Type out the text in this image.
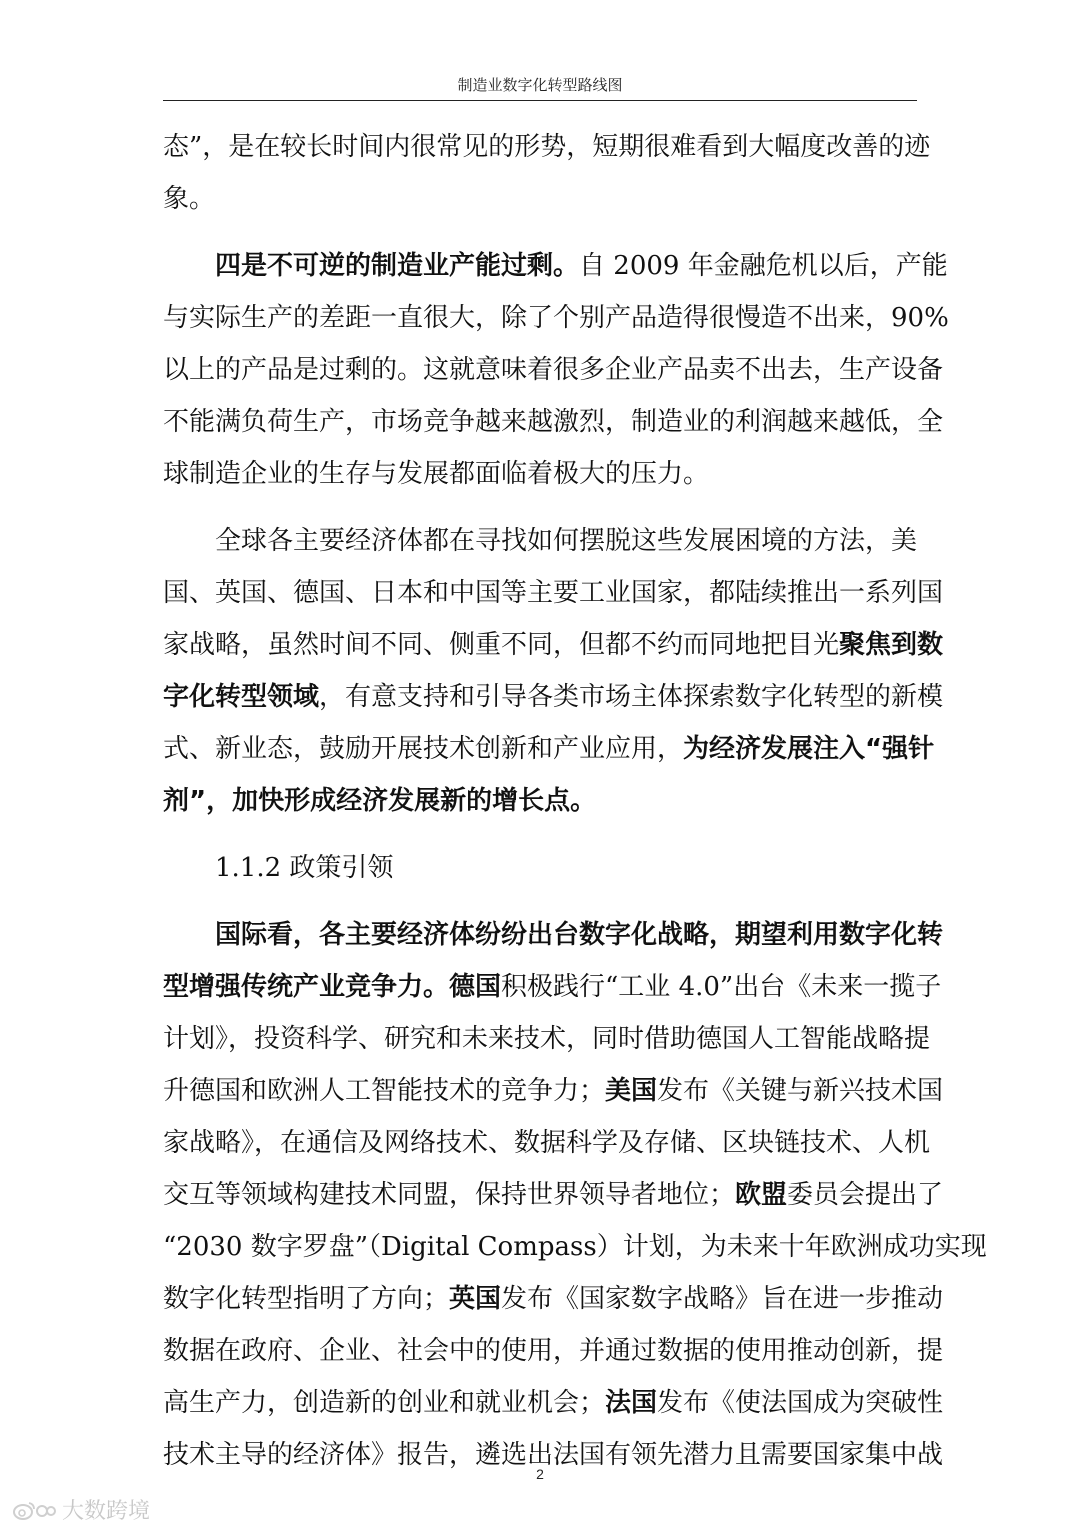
制造业数字化转型路线图
态”，是在较长时间内很常见的形势，短期很难看到大幅度改善的迹
象。
四是不可逆的制造业产能过剩。自 2009 年金融危机以后，产能
与实际生产的差距一直很大，除了个别产品造得很慢造不出来，90%
以上的产品是过剩的。这就意味着很多企业产品卖不出去，生产设备
不能满负荷生产，市场竞争越来越激烈，制造业的利润越来越低，全
球制造企业的生存与发展都面临着极大的压力。
全球各主要经济体都在寻找如何摆脱这些发展困境的方法，美
国、英国、德国、日本和中国等主要工业国家，都陆续推出一系列国
家战略，虽然时间不同、侧重不同，但都不约而同地把目光聚焦到数
字化转型领域，有意支持和引导各类市场主体探索数字化转型的新模
式、新业态，鼓励开展技术创新和产业应用，为经济发展注入“强针
剂”，加快形成经济发展新的增长点。
1.1.2 政策引领
国际看，各主要经济体纷纷出台数字化战略，期望利用数字化转
型增强传统产业竞争力。德国积极践行“工业 4.0”出台《未来一揽子
计划》，投资科学、研究和未来技术，同时借助德国人工智能战略提
升德国和欧洲人工智能技术的竞争力；美国发布《关键与新兴技术国
家战略》，在通信及网络技术、数据科学及存储、区块链技术、人机
交互等领域构建技术同盟，保持世界领导者地位；欧盟委员会提出了
“2030 数字罗盘”（Digital Compass）计划，为未来十年欧洲成功实现
数字化转型指明了方向；英国发布《国家数字战略》旨在进一步推动
数据在政府、企业、社会中的使用，并通过数据的使用推动创新，提
高生产力，创造新的创业和就业机会；法国发布《使法国成为突破性
技术主导的经济体》报告，遴选出法国有领先潜力且需要国家集中战
2
大数跨境
